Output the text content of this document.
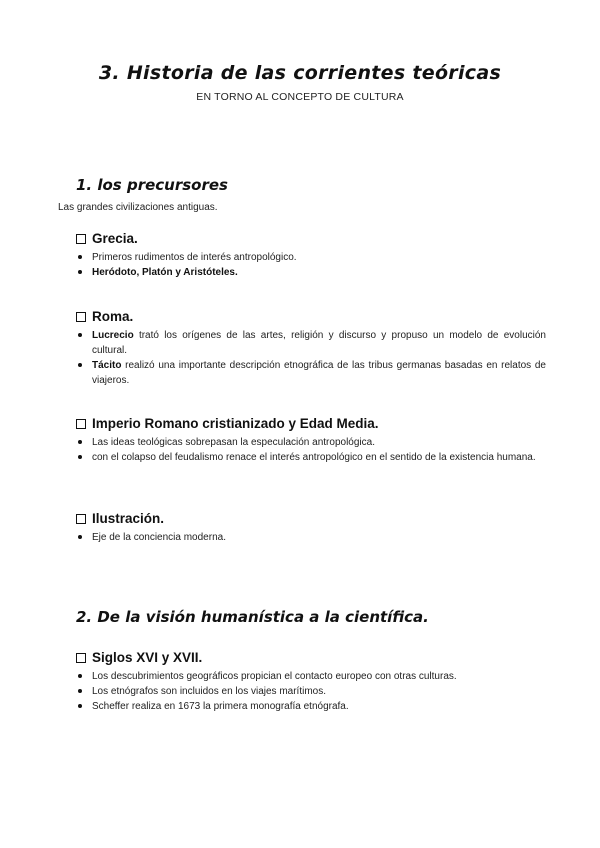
3. Historia de las corrientes teóricas
EN TORNO AL CONCEPTO DE CULTURA
1. los precursores
Las grandes civilizaciones antiguas.
Grecia.
Primeros rudimentos de interés antropológico.
Heródoto, Platón y Aristóteles.
Roma.
Lucrecio trató los orígenes de las artes, religión y discurso y propuso un modelo de evolución cultural.
Tácito realizó una importante descripción etnográfica de las tribus germanas basadas en relatos de viajeros.
Imperio Romano cristianizado y Edad Media.
Las ideas teológicas sobrepasan la especulación antropológica.
con el colapso del feudalismo renace el interés antropológico en el sentido de la existencia humana.
Ilustración.
Eje de la conciencia moderna.
2. De la visión humanística a la científica.
Siglos XVI y XVII.
Los descubrimientos geográficos propician el contacto europeo con otras culturas.
Los etnógrafos son incluidos en los viajes marítimos.
Scheffer realiza en 1673 la primera monografía etnógrafa.
